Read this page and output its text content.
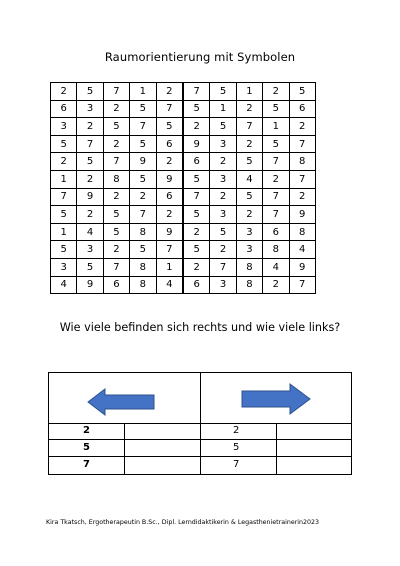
Raumorientierung mit Symbolen
2	5	7	1	2	7	5	1	2	5
6	3	2	5	7	5	1	2	5	6
3	2	5	7	5	2	5	7	1	2
5	7	2	5	6	9	3	2	5	7
2	5	7	9	2	6	2	5	7	8
1	2	8	5	9	5	3	4	2	7
7	9	2	2	6	7	2	5	7	2
5	2	5	7	2	5	3	2	7	9
1	4	5	8	9	2	5	3	6	8
5	3	2	5	7	5	2	3	8	4
3	5	7	8	1	2	7	8	4	9
4	9	6	8	4	6	3	8	2	7
Wie viele befinden sich rechts und wie viele links?
2	2
5	5
7	7
Kira Tkatsch, Ergotherapeutin B.Sc., Dipl. Lerndidaktikerin & Legasthenietrainerin2023
